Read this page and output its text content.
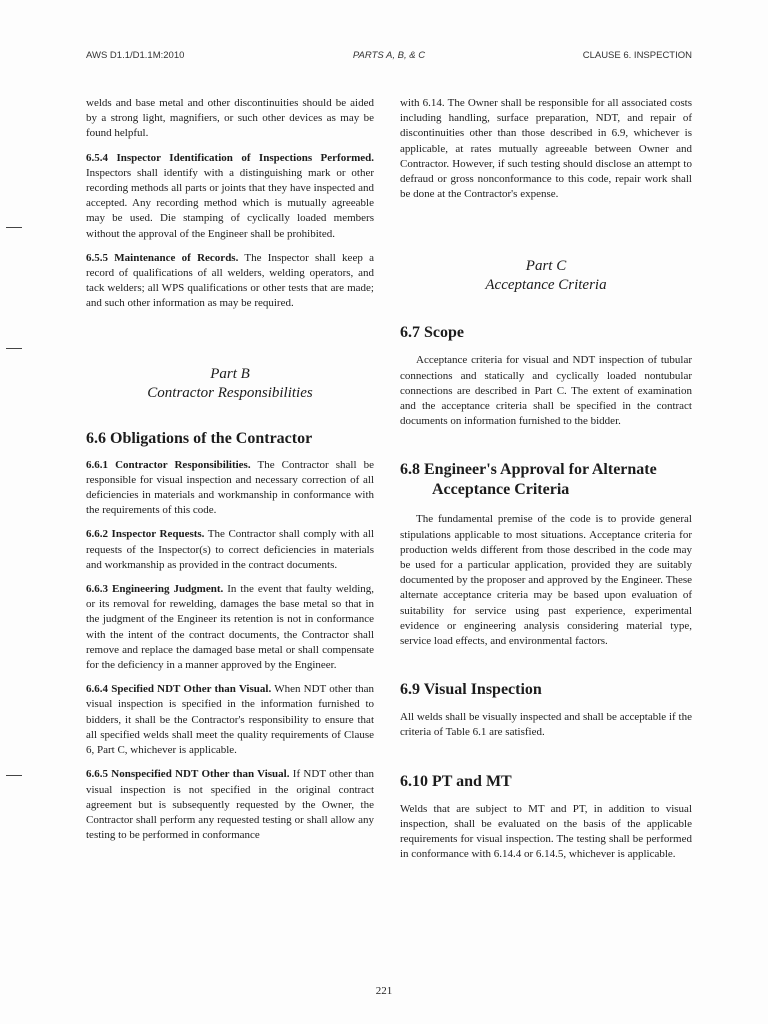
AWS D1.1/D1.1M:2010	PARTS A, B, & C	CLAUSE 6. INSPECTION

welds and base metal and other discontinuities should be aided by a strong light, magnifiers, or such other devices as may be found helpful.

6.5.4 Inspector Identification of Inspections Performed. Inspectors shall identify with a distinguishing mark or other recording methods all parts or joints that they have inspected and accepted. Any recording method which is mutually agreeable may be used. Die stamping of cyclically loaded members without the approval of the Engineer shall be prohibited.

6.5.5 Maintenance of Records. The Inspector shall keep a record of qualifications of all welders, welding operators, and tack welders; all WPS qualifications or other tests that are made; and such other information as may be required.

Part B
Contractor Responsibilities
6.6 Obligations of the Contractor

6.6.1 Contractor Responsibilities. The Contractor shall be responsible for visual inspection and necessary correction of all deficiencies in materials and workmanship in conformance with the requirements of this code.

6.6.2 Inspector Requests. The Contractor shall comply with all requests of the Inspector(s) to correct deficiencies in materials and workmanship as provided in the contract documents.

6.6.3 Engineering Judgment. In the event that faulty welding, or its removal for rewelding, damages the base metal so that in the judgment of the Engineer its retention is not in conformance with the intent of the contract documents, the Contractor shall remove and replace the damaged base metal or shall compensate for the deficiency in a manner approved by the Engineer.

6.6.4 Specified NDT Other than Visual. When NDT other than visual inspection is specified in the information furnished to bidders, it shall be the Contractor's responsibility to ensure that all specified welds shall meet the quality requirements of Clause 6, Part C, whichever is applicable.

6.6.5 Nonspecified NDT Other than Visual. If NDT other than visual inspection is not specified in the original contract agreement but is subsequently requested by the Owner, the Contractor shall perform any requested testing or shall allow any testing to be performed in conformance

with 6.14. The Owner shall be responsible for all associated costs including handling, surface preparation, NDT, and repair of discontinuities other than those described in 6.9, whichever is applicable, at rates mutually agreeable between Owner and Contractor. However, if such testing should disclose an attempt to defraud or gross nonconformance to this code, repair work shall be done at the Contractor's expense.

Part C
Acceptance Criteria
6.7 Scope

Acceptance criteria for visual and NDT inspection of tubular connections and statically and cyclically loaded nontubular connections are described in Part C. The extent of examination and the acceptance criteria shall be specified in the contract documents on information furnished to the bidder.

6.8 Engineer's Approval for Alternate
Acceptance Criteria

The fundamental premise of the code is to provide general stipulations applicable to most situations. Acceptance criteria for production welds different from those described in the code may be used for a particular application, provided they are suitably documented by the proposer and approved by the Engineer. These alternate acceptance criteria may be based upon evaluation of suitability for service using past experience, experimental evidence or engineering analysis considering material type, service load effects, and environmental factors.

6.9 Visual Inspection

All welds shall be visually inspected and shall be acceptable if the criteria of Table 6.1 are satisfied.

6.10 PT and MT

Welds that are subject to MT and PT, in addition to visual inspection, shall be evaluated on the basis of the applicable requirements for visual inspection. The testing shall be performed in conformance with 6.14.4 or 6.14.5, whichever is applicable.

221
